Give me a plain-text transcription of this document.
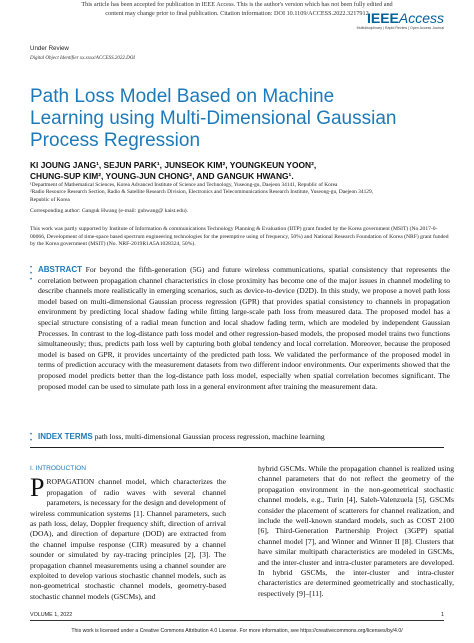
This article has been accepted for publication in IEEE Access. This is the author's version which has not been fully edited and
content may change prior to final publication. Citation information: DOI 10.1109/ACCESS.2022.3217912
IEEEAccess
Multidisciplinary | Rapid Review | Open Access Journal
Under Review
Digital Object Identifier xx.xxxx/ACCESS.2022.DOI
Path Loss Model Based on Machine Learning using Multi-Dimensional Gaussian Process Regression
KI JOUNG JANG¹, SEJUN PARK¹, JUNSEOK KIM², YOUNGKEUN YOON²,
CHUNG-SUP KIM², YOUNG-JUN CHONG², AND GANGUK HWANG¹.
¹Department of Mathematical Sciences, Korea Advanced Institute of Science and Technology, Yuseong-gu, Daejeon 34141, Republic of Korea
²Radio Resource Research Section, Radio & Satellite Research Division, Electronics and Telecommunications Research Institute, Yuseong-gu, Daejeon 34129,
Republic of Korea
Corresponding author: Ganguk Hwang (e-mail: guhwang@ kaist.edu).
This work was partly supported by Institute of Information & communications Technology Planning & Evaluation (IITP) grant funded by the Korea government (MSIT) (No.2017-0-00066, Development of time-space based spectrum engineering technologies for the preemptive using of frequency, 50%) and National Research Foundation of Korea (NRF) grant funded by the Korea government (MSIT) (No. NRF-2019R1A5A1028324, 50%).
•
•
•

ABSTRACT For beyond the fifth-generation (5G) and future wireless communications, spatial consistency that represents the correlation between propagation channel characteristics in close proximity has become one of the major issues in channel modeling to describe channels more realistically in emerging scenarios, such as device-to-device (D2D). In this study, we propose a novel path loss model based on multi-dimensional Gaussian process regression (GPR) that provides spatial consistency to channels in propagation environment by predicting local shadow fading while fitting large-scale path loss from measured data. The proposed model has a special structure consisting of a radial mean function and local shadow fading term, which are modeled by independent Gaussian Processes. In contrast to the log-distance path loss model and other regression-based models, the proposed model trains two functions simultaneously; thus, predicts path loss well by capturing both global tendency and local correlation. Moreover, because the proposed model is based on GPR, it provides uncertainty of the predicted path loss. We validated the performance of the proposed model in terms of prediction accuracy with the measurement datasets from two different indoor environments. Our experiments showed that the proposed model predicts better than the log-distance path loss model, especially when spatial correlation becomes significant. The proposed model can be used to simulate path loss in a general environment after training the measurement data.

•
• INDEX TERMS path loss, multi-dimensional Gaussian process regression, machine learning

I. INTRODUCTION

PROPAGATION channel model, which characterizes the propagation of radio waves with several channel parameters, is necessary for the design and development of wireless communication systems [1]. Channel parameters, such as path loss, delay, Doppler frequency shift, direction of arrival (DOA), and direction of departure (DOD) are extracted from the channel impulse response (CIR) measured by a channel sounder or simulated by ray-tracing principles [2], [3]. The propagation channel measurements using a channel sounder are exploited to develop various stochastic channel models, such as non-geometrical stochastic channel models, geometry-based stochastic channel models (GSCMs), and

hybrid GSCMs. While the propagation channel is realized using channel parameters that do not reflect the geometry of the propagation environment in the non-geometrical stochastic channel models, e.g., Turin [4], Saleh-Valenzuela [5], GSCMs consider the placement of scatterers for channel realization, and include the well-known standard models, such as COST 2100 [6], Third-Generation Partnership Project (3GPP) spatial channel model [7], and Winner and Winner II [8]. Clusters that have similar multipath characteristics are modeled in GSCMs, and the inter-cluster and intra-cluster parameters are developed. In hybrid GSCMs, the inter-cluster and intra-cluster characteristics are determined geometrically and stochastically, respectively [9]–[11].

VOLUME 1, 2022	1
This work is licensed under a Creative Commons Attribution 4.0 License. For more information, see https://creativecommons.org/licenses/by/4.0/
